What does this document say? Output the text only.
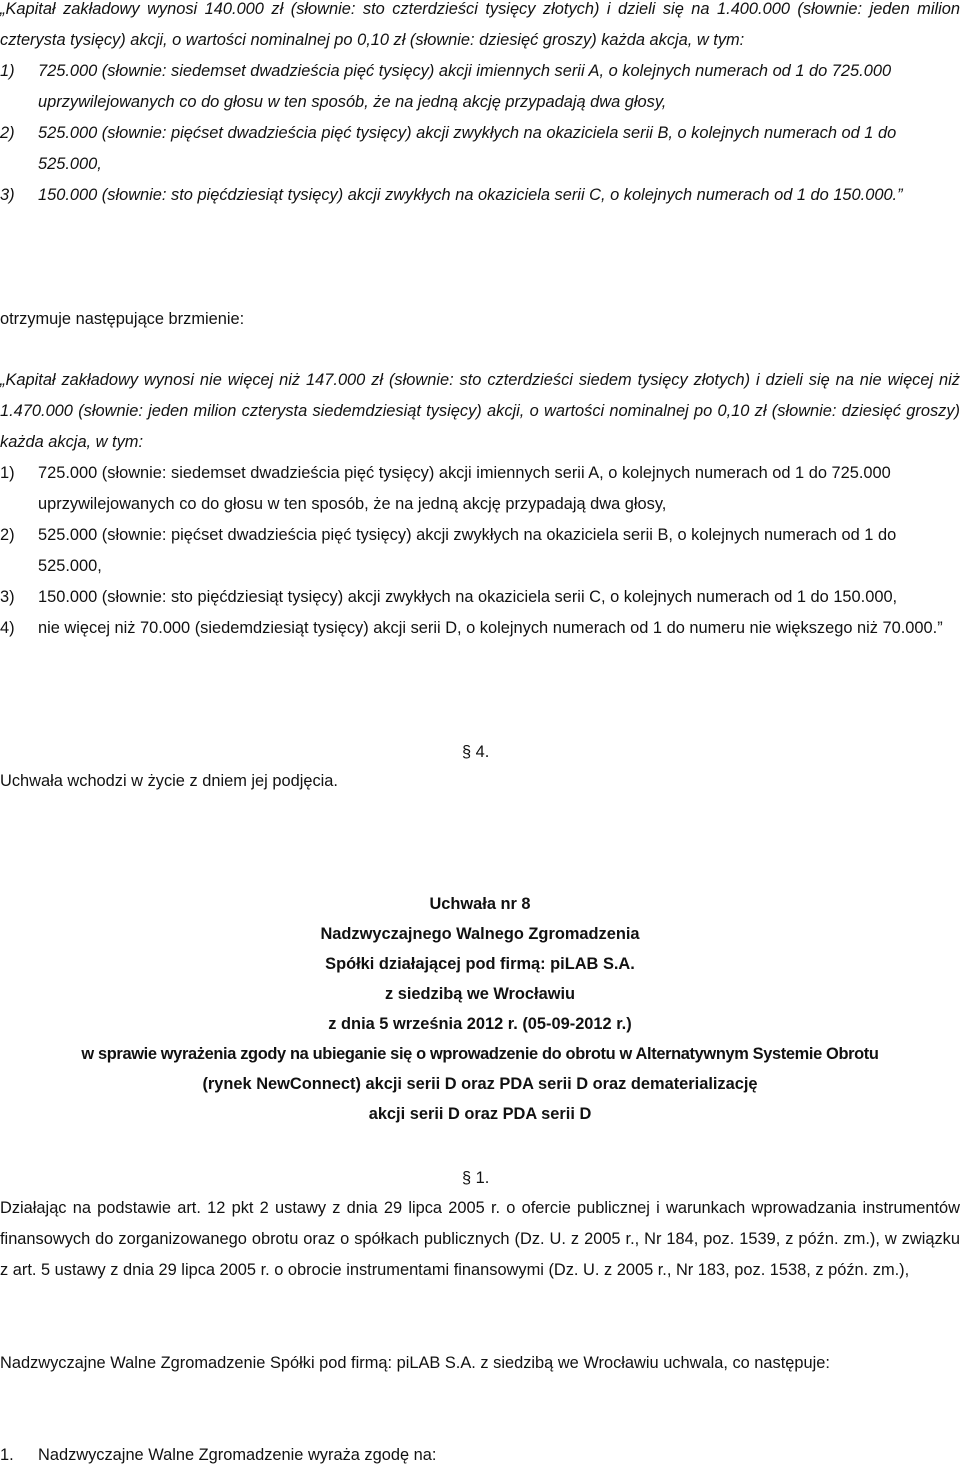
„Kapitał zakładowy wynosi 140.000 zł (słownie: sto czterdzieści tysięcy złotych) i dzieli się na 1.400.000 (słownie: jeden milion czterysta tysięcy) akcji, o wartości nominalnej po 0,10 zł (słownie: dziesięć groszy) każda akcja, w tym:

1)	725.000 (słownie: siedemset dwadzieścia pięć tysięcy) akcji imiennych serii A, o kolejnych numerach od 1 do 725.000 uprzywilejowanych co do głosu w ten sposób, że na jedną akcję przypadają dwa głosy,
2)	525.000 (słownie: pięćset dwadzieścia pięć tysięcy) akcji zwykłych na okaziciela serii B, o kolejnych numerach od 1 do 525.000,
3)	150.000 (słownie: sto pięćdziesiąt tysięcy) akcji zwykłych na okaziciela serii C, o kolejnych numerach od 1 do 150.000.”

otrzymuje następujące brzmienie:

„Kapitał zakładowy wynosi nie więcej niż 147.000 zł (słownie: sto czterdzieści siedem tysięcy złotych) i dzieli się na nie więcej niż 1.470.000 (słownie: jeden milion czterysta siedemdziesiąt tysięcy) akcji, o wartości nominalnej po 0,10 zł (słownie: dziesięć groszy) każda akcja, w tym:

1)	725.000 (słownie: siedemset dwadzieścia pięć tysięcy) akcji imiennych serii A, o kolejnych numerach od 1 do 725.000 uprzywilejowanych co do głosu w ten sposób, że na jedną akcję przypadają dwa głosy,
2)	525.000 (słownie: pięćset dwadzieścia pięć tysięcy) akcji zwykłych na okaziciela serii B, o kolejnych numerach od 1 do 525.000,
3)	150.000 (słownie: sto pięćdziesiąt tysięcy) akcji zwykłych na okaziciela serii C, o kolejnych numerach od 1 do 150.000,
4)	nie więcej niż 70.000 (siedemdziesiąt tysięcy) akcji serii D, o kolejnych numerach od 1 do numeru nie większego niż 70.000.”

§ 4.

Uchwała wchodzi w życie z dniem jej podjęcia.

Uchwała nr 8

Nadzwyczajnego Walnego Zgromadzenia

Spółki działającej pod firmą: piLAB S.A.

z siedzibą we Wrocławiu

z dnia 5 września 2012 r. (05-09-2012 r.)

w sprawie wyrażenia zgody na ubieganie się o wprowadzenie do obrotu w Alternatywnym Systemie Obrotu

(rynek NewConnect) akcji serii D oraz PDA serii D oraz dematerializację

akcji serii D oraz PDA serii D

§ 1.

Działając na podstawie art. 12 pkt 2 ustawy z dnia 29 lipca 2005 r. o ofercie publicznej i warunkach wprowadzania instrumentów finansowych do zorganizowanego obrotu oraz o spółkach publicznych (Dz. U. z 2005 r., Nr 184, poz. 1539, z późn. zm.), w związku z art. 5 ustawy z dnia 29 lipca 2005 r. o obrocie instrumentami finansowymi (Dz. U. z 2005 r., Nr 183, poz. 1538, z późn. zm.),

Nadzwyczajne Walne Zgromadzenie Spółki pod firmą: piLAB S.A. z siedzibą we Wrocławiu uchwala, co następuje:

1.	Nadzwyczajne Walne Zgromadzenie wyraża zgodę na:
